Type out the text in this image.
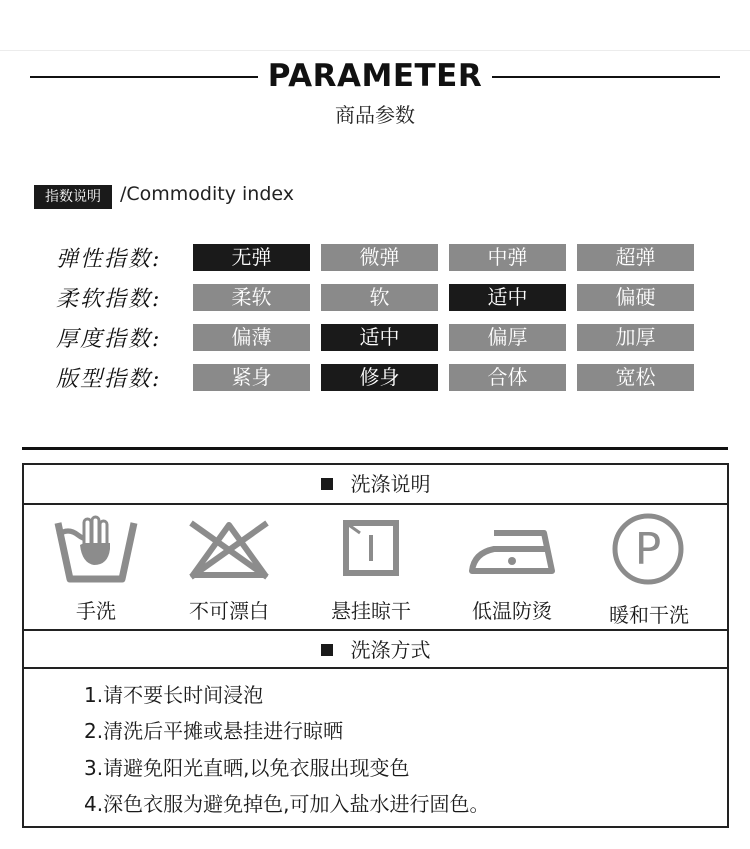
PARAMETER
商品参数
指数说明	/Commodity index
弹性指数:	无弹	微弹	中弹	超弹
柔软指数:	柔软	软	适中	偏硬
厚度指数:	偏薄	适中	偏厚	加厚
版型指数:	紧身	修身	合体	宽松
洗涤说明
手洗	不可漂白	悬挂晾干	低温防烫
P
暖和干洗
洗涤方式
1.请不要长时间浸泡
2.清洗后平摊或悬挂进行晾晒
3.请避免阳光直晒,以免衣服出现变色
4.深色衣服为避免掉色,可加入盐水进行固色。
